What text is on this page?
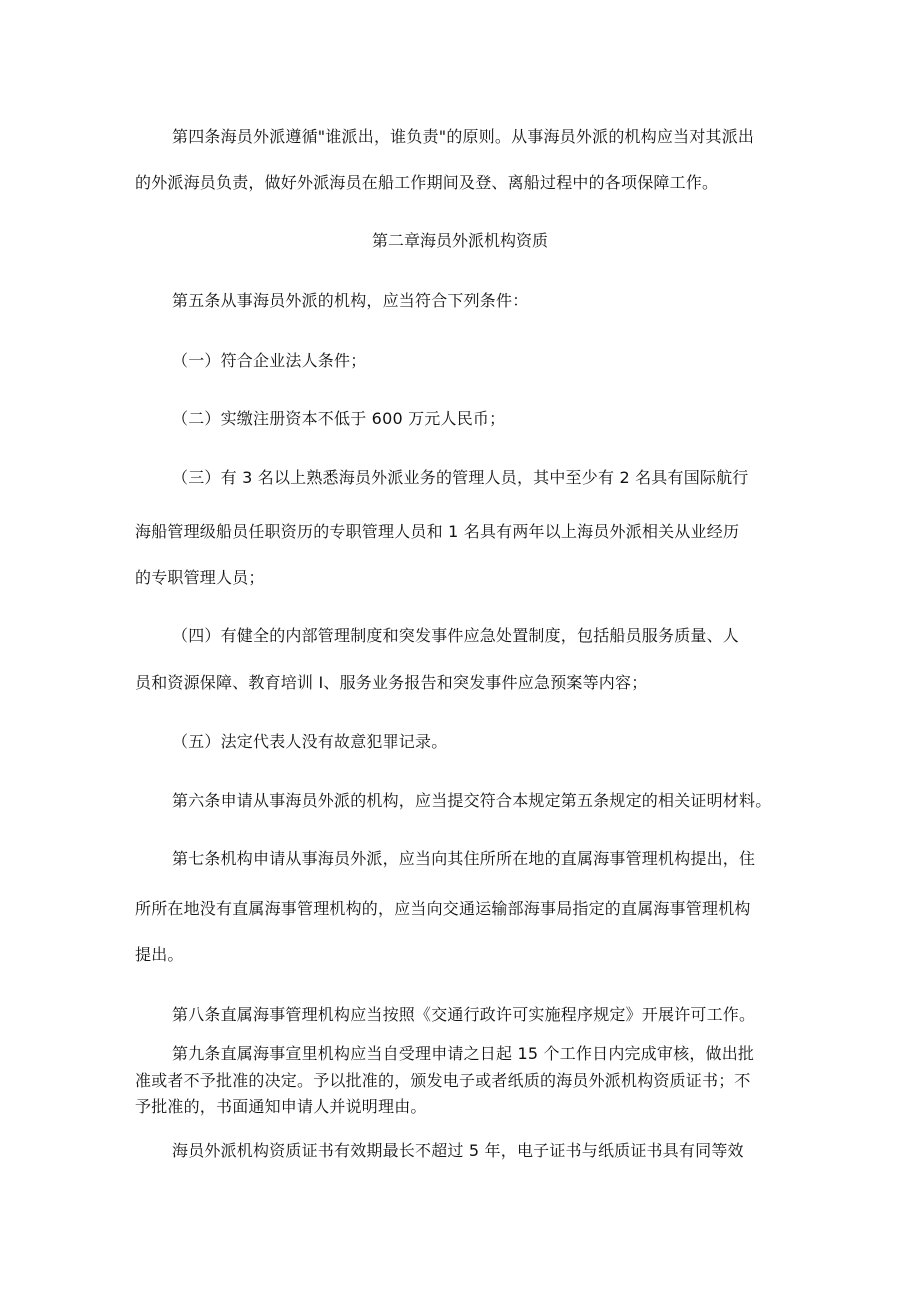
第四条海员外派遵循"谁派出，谁负责"的原则。从事海员外派的机构应当对其派出
的外派海员负责，做好外派海员在船工作期间及登、离船过程中的各项保障工作。
第二章海员外派机构资质
第五条从事海员外派的机构，应当符合下列条件：
（一）符合企业法人条件；
（二）实缴注册资本不低于 600 万元人民币；
（三）有 3 名以上熟悉海员外派业务的管理人员，其中至少有 2 名具有国际航行
海船管理级船员任职资历的专职管理人员和 1 名具有两年以上海员外派相关从业经历
的专职管理人员；
（四）有健全的内部管理制度和突发事件应急处置制度，包括船员服务质量、人
员和资源保障、教育培训 I、服务业务报告和突发事件应急预案等内容；
（五）法定代表人没有故意犯罪记录。
第六条申请从事海员外派的机构，应当提交符合本规定第五条规定的相关证明材料。
第七条机构申请从事海员外派，应当向其住所所在地的直属海事管理机构提出，住
所所在地没有直属海事管理机构的，应当向交通运输部海事局指定的直属海事管理机构
提出。
第八条直属海事管理机构应当按照《交通行政许可实施程序规定》开展许可工作。
第九条直属海事宣里机构应当自受理申请之日起 15 个工作日内完成审核，做出批
准或者不予批准的决定。予以批准的，颁发电子或者纸质的海员外派机构资质证书；不
予批准的，书面通知申请人并说明理由。
海员外派机构资质证书有效期最长不超过 5 年，电子证书与纸质证书具有同等效
